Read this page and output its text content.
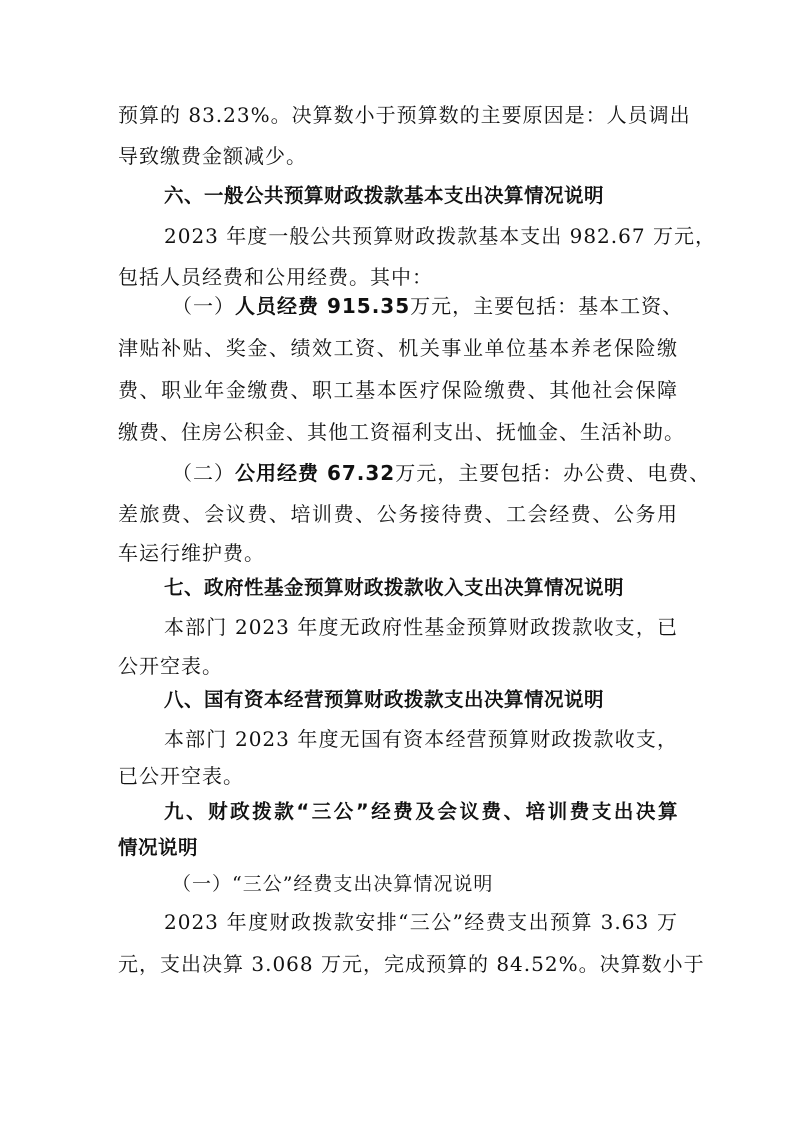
预算的 83.23%。决算数小于预算数的主要原因是：人员调出
导致缴费金额减少。
六、一般公共预算财政拨款基本支出决算情况说明
2023 年度一般公共预算财政拨款基本支出 982.67 万元，
包括人员经费和公用经费。其中：
（一）人员经费 915.35万元，主要包括：基本工资、
津贴补贴、奖金、绩效工资、机关事业单位基本养老保险缴
费、职业年金缴费、职工基本医疗保险缴费、其他社会保障
缴费、住房公积金、其他工资福利支出、抚恤金、生活补助。
（二）公用经费 67.32万元，主要包括：办公费、电费、
差旅费、会议费、培训费、公务接待费、工会经费、公务用
车运行维护费。
七、政府性基金预算财政拨款收入支出决算情况说明
本部门 2023 年度无政府性基金预算财政拨款收支，已
公开空表。
八、国有资本经营预算财政拨款支出决算情况说明
本部门 2023 年度无国有资本经营预算财政拨款收支，
已公开空表。
九、财政拨款“三公”经费及会议费、培训费支出决算
情况说明
（一）“三公”经费支出决算情况说明
2023 年度财政拨款安排“三公”经费支出预算 3.63 万
元，支出决算 3.068 万元，完成预算的 84.52%。决算数小于
